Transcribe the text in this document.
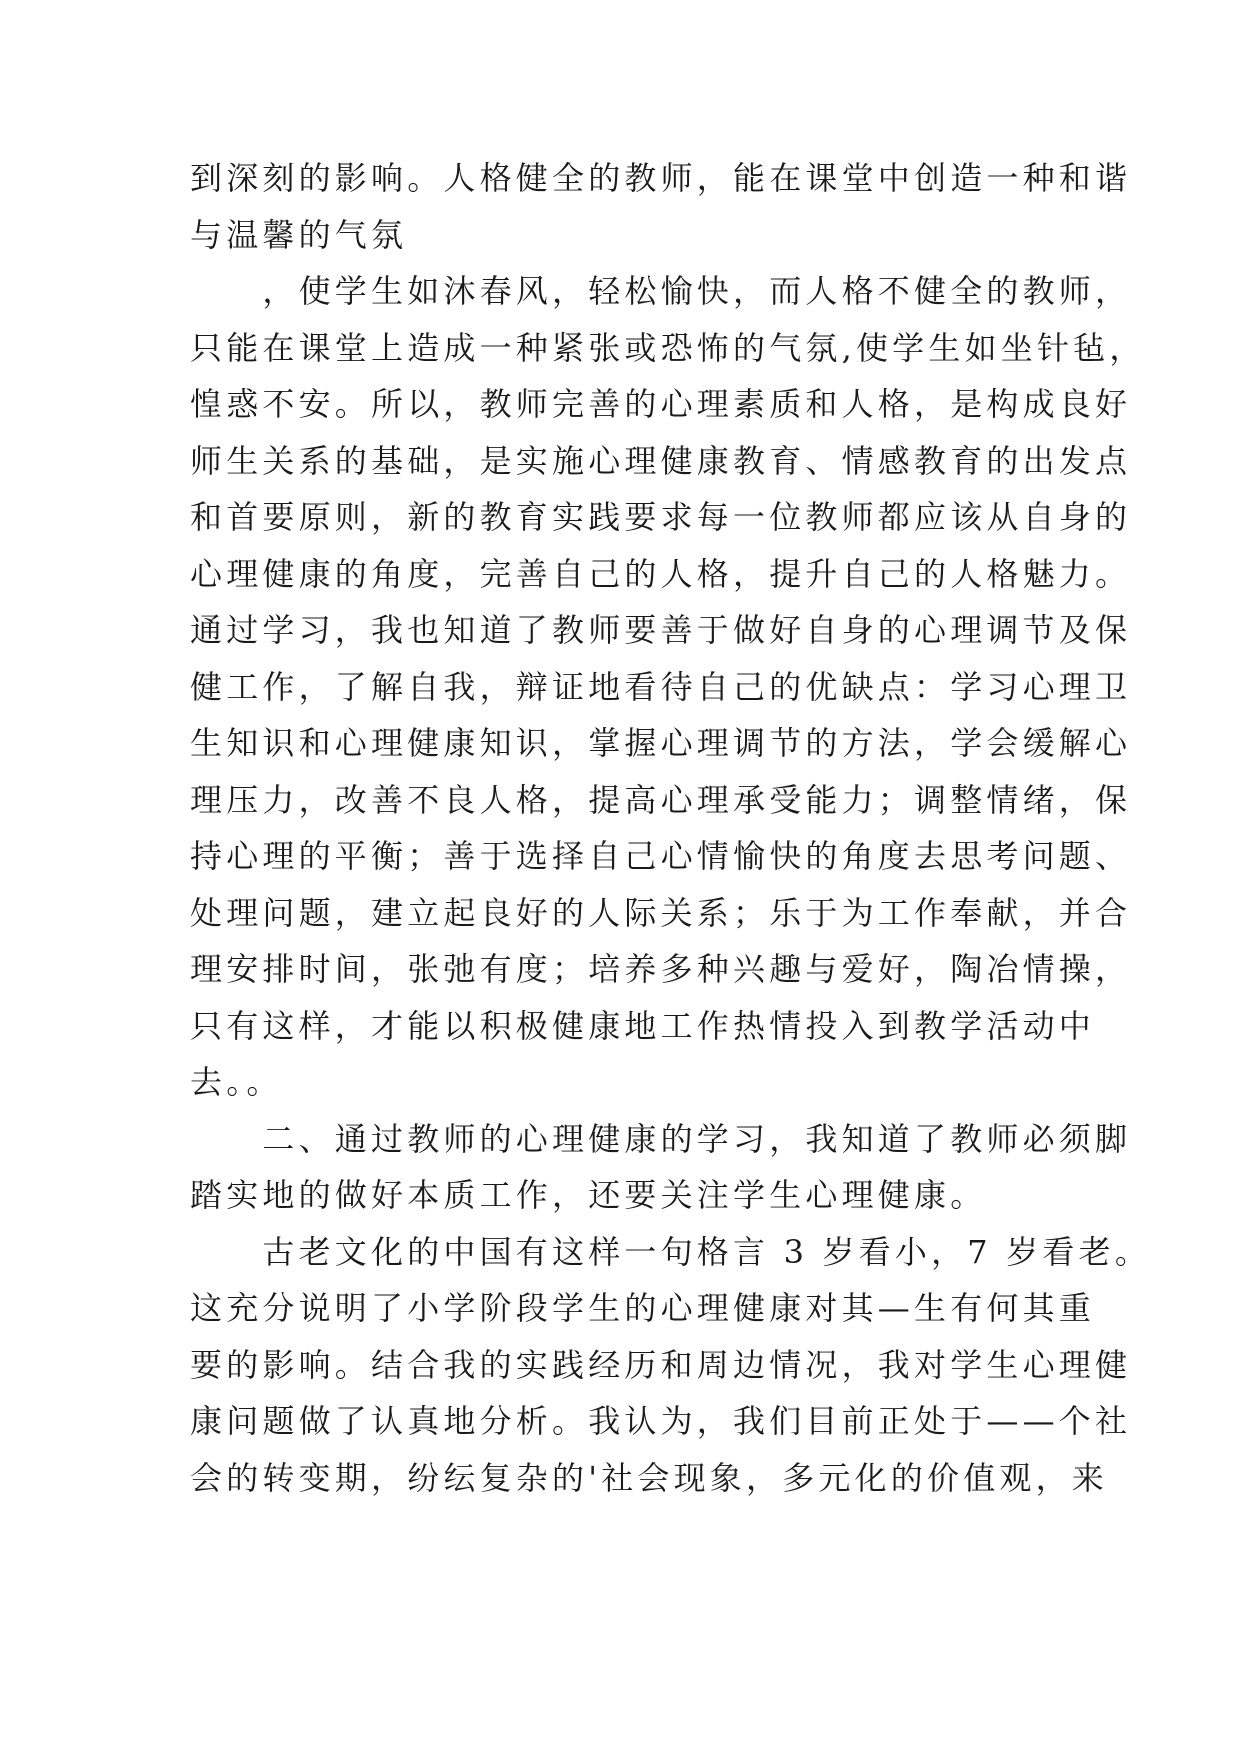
到深刻的影响。人格健全的教师，能在课堂中创造一种和谐
与温馨的气氛
　　，使学生如沐春风，轻松愉快，而人格不健全的教师，
只能在课堂上造成一种紧张或恐怖的气氛,使学生如坐针毡，
惶惑不安。所以，教师完善的心理素质和人格，是构成良好
师生关系的基础，是实施心理健康教育、情感教育的出发点
和首要原则，新的教育实践要求每一位教师都应该从自身的
心理健康的角度，完善自己的人格，提升自己的人格魅力。
通过学习，我也知道了教师要善于做好自身的心理调节及保
健工作，了解自我，辩证地看待自己的优缺点：学习心理卫
生知识和心理健康知识，掌握心理调节的方法，学会缓解心
理压力，改善不良人格，提高心理承受能力；调整情绪，保
持心理的平衡；善于选择自己心情愉快的角度去思考问题、
处理问题，建立起良好的人际关系；乐于为工作奉献，并合
理安排时间，张弛有度；培养多种兴趣与爱好，陶冶情操，
只有这样，才能以积极健康地工作热情投入到教学活动中
去。。
　　二、通过教师的心理健康的学习，我知道了教师必须脚
踏实地的做好本质工作，还要关注学生心理健康。
　　古老文化的中国有这样一句格言 3 岁看小，7 岁看老。
这充分说明了小学阶段学生的心理健康对其—生有何其重
要的影响。结合我的实践经历和周边情况，我对学生心理健
康问题做了认真地分析。我认为，我们目前正处于——个社
会的转变期，纷纭复杂的'社会现象，多元化的价值观，来
